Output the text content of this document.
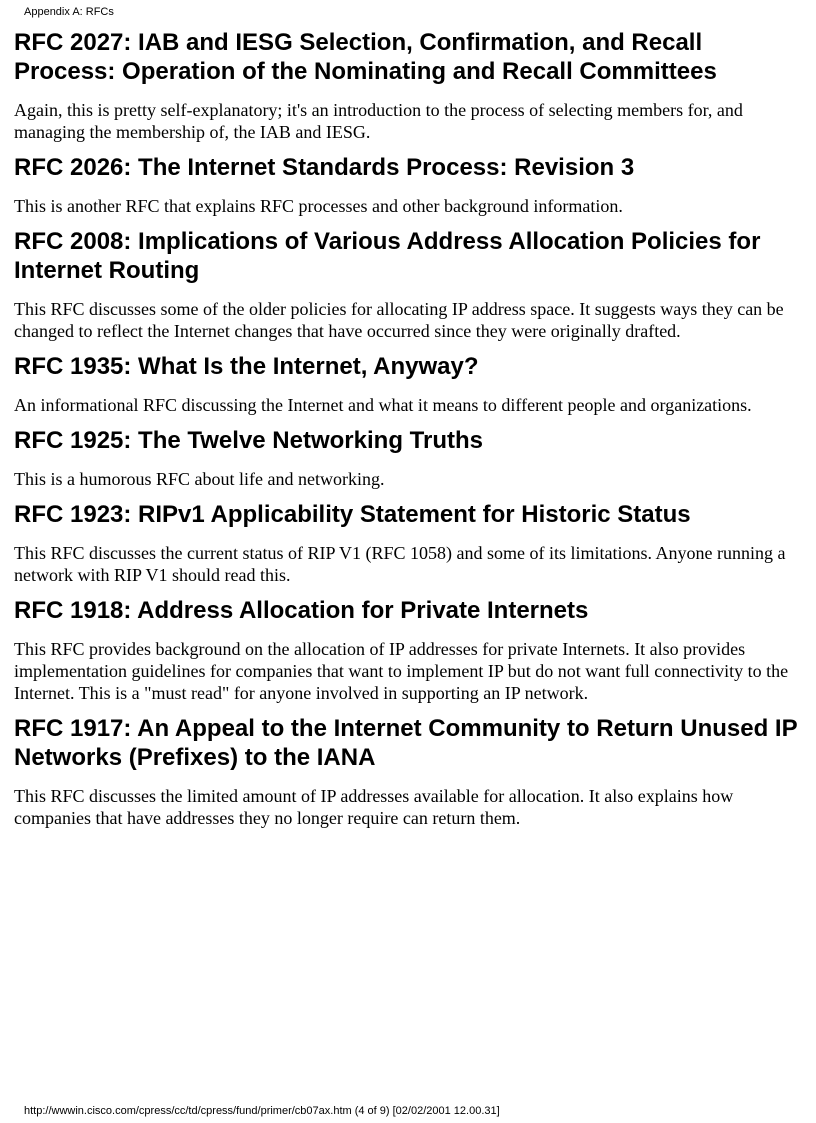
Appendix A: RFCs
RFC 2027: IAB and IESG Selection, Confirmation, and Recall Process: Operation of the Nominating and Recall Committees

Again, this is pretty self-explanatory; it's an introduction to the process of selecting members for, and managing the membership of, the IAB and IESG.

RFC 2026: The Internet Standards Process: Revision 3

This is another RFC that explains RFC processes and other background information.

RFC 2008: Implications of Various Address Allocation Policies for Internet Routing

This RFC discusses some of the older policies for allocating IP address space. It suggests ways they can be changed to reflect the Internet changes that have occurred since they were originally drafted.

RFC 1935: What Is the Internet, Anyway?

An informational RFC discussing the Internet and what it means to different people and organizations.

RFC 1925: The Twelve Networking Truths

This is a humorous RFC about life and networking.

RFC 1923: RIPv1 Applicability Statement for Historic Status

This RFC discusses the current status of RIP V1 (RFC 1058) and some of its limitations. Anyone running a network with RIP V1 should read this.

RFC 1918: Address Allocation for Private Internets

This RFC provides background on the allocation of IP addresses for private Internets. It also provides implementation guidelines for companies that want to implement IP but do not want full connectivity to the Internet. This is a "must read" for anyone involved in supporting an IP network.

RFC 1917: An Appeal to the Internet Community to Return Unused IP Networks (Prefixes) to the IANA

This RFC discusses the limited amount of IP addresses available for allocation. It also explains how companies that have addresses they no longer require can return them.

http://wwwin.cisco.com/cpress/cc/td/cpress/fund/primer/cb07ax.htm (4 of 9) [02/02/2001 12.00.31]
